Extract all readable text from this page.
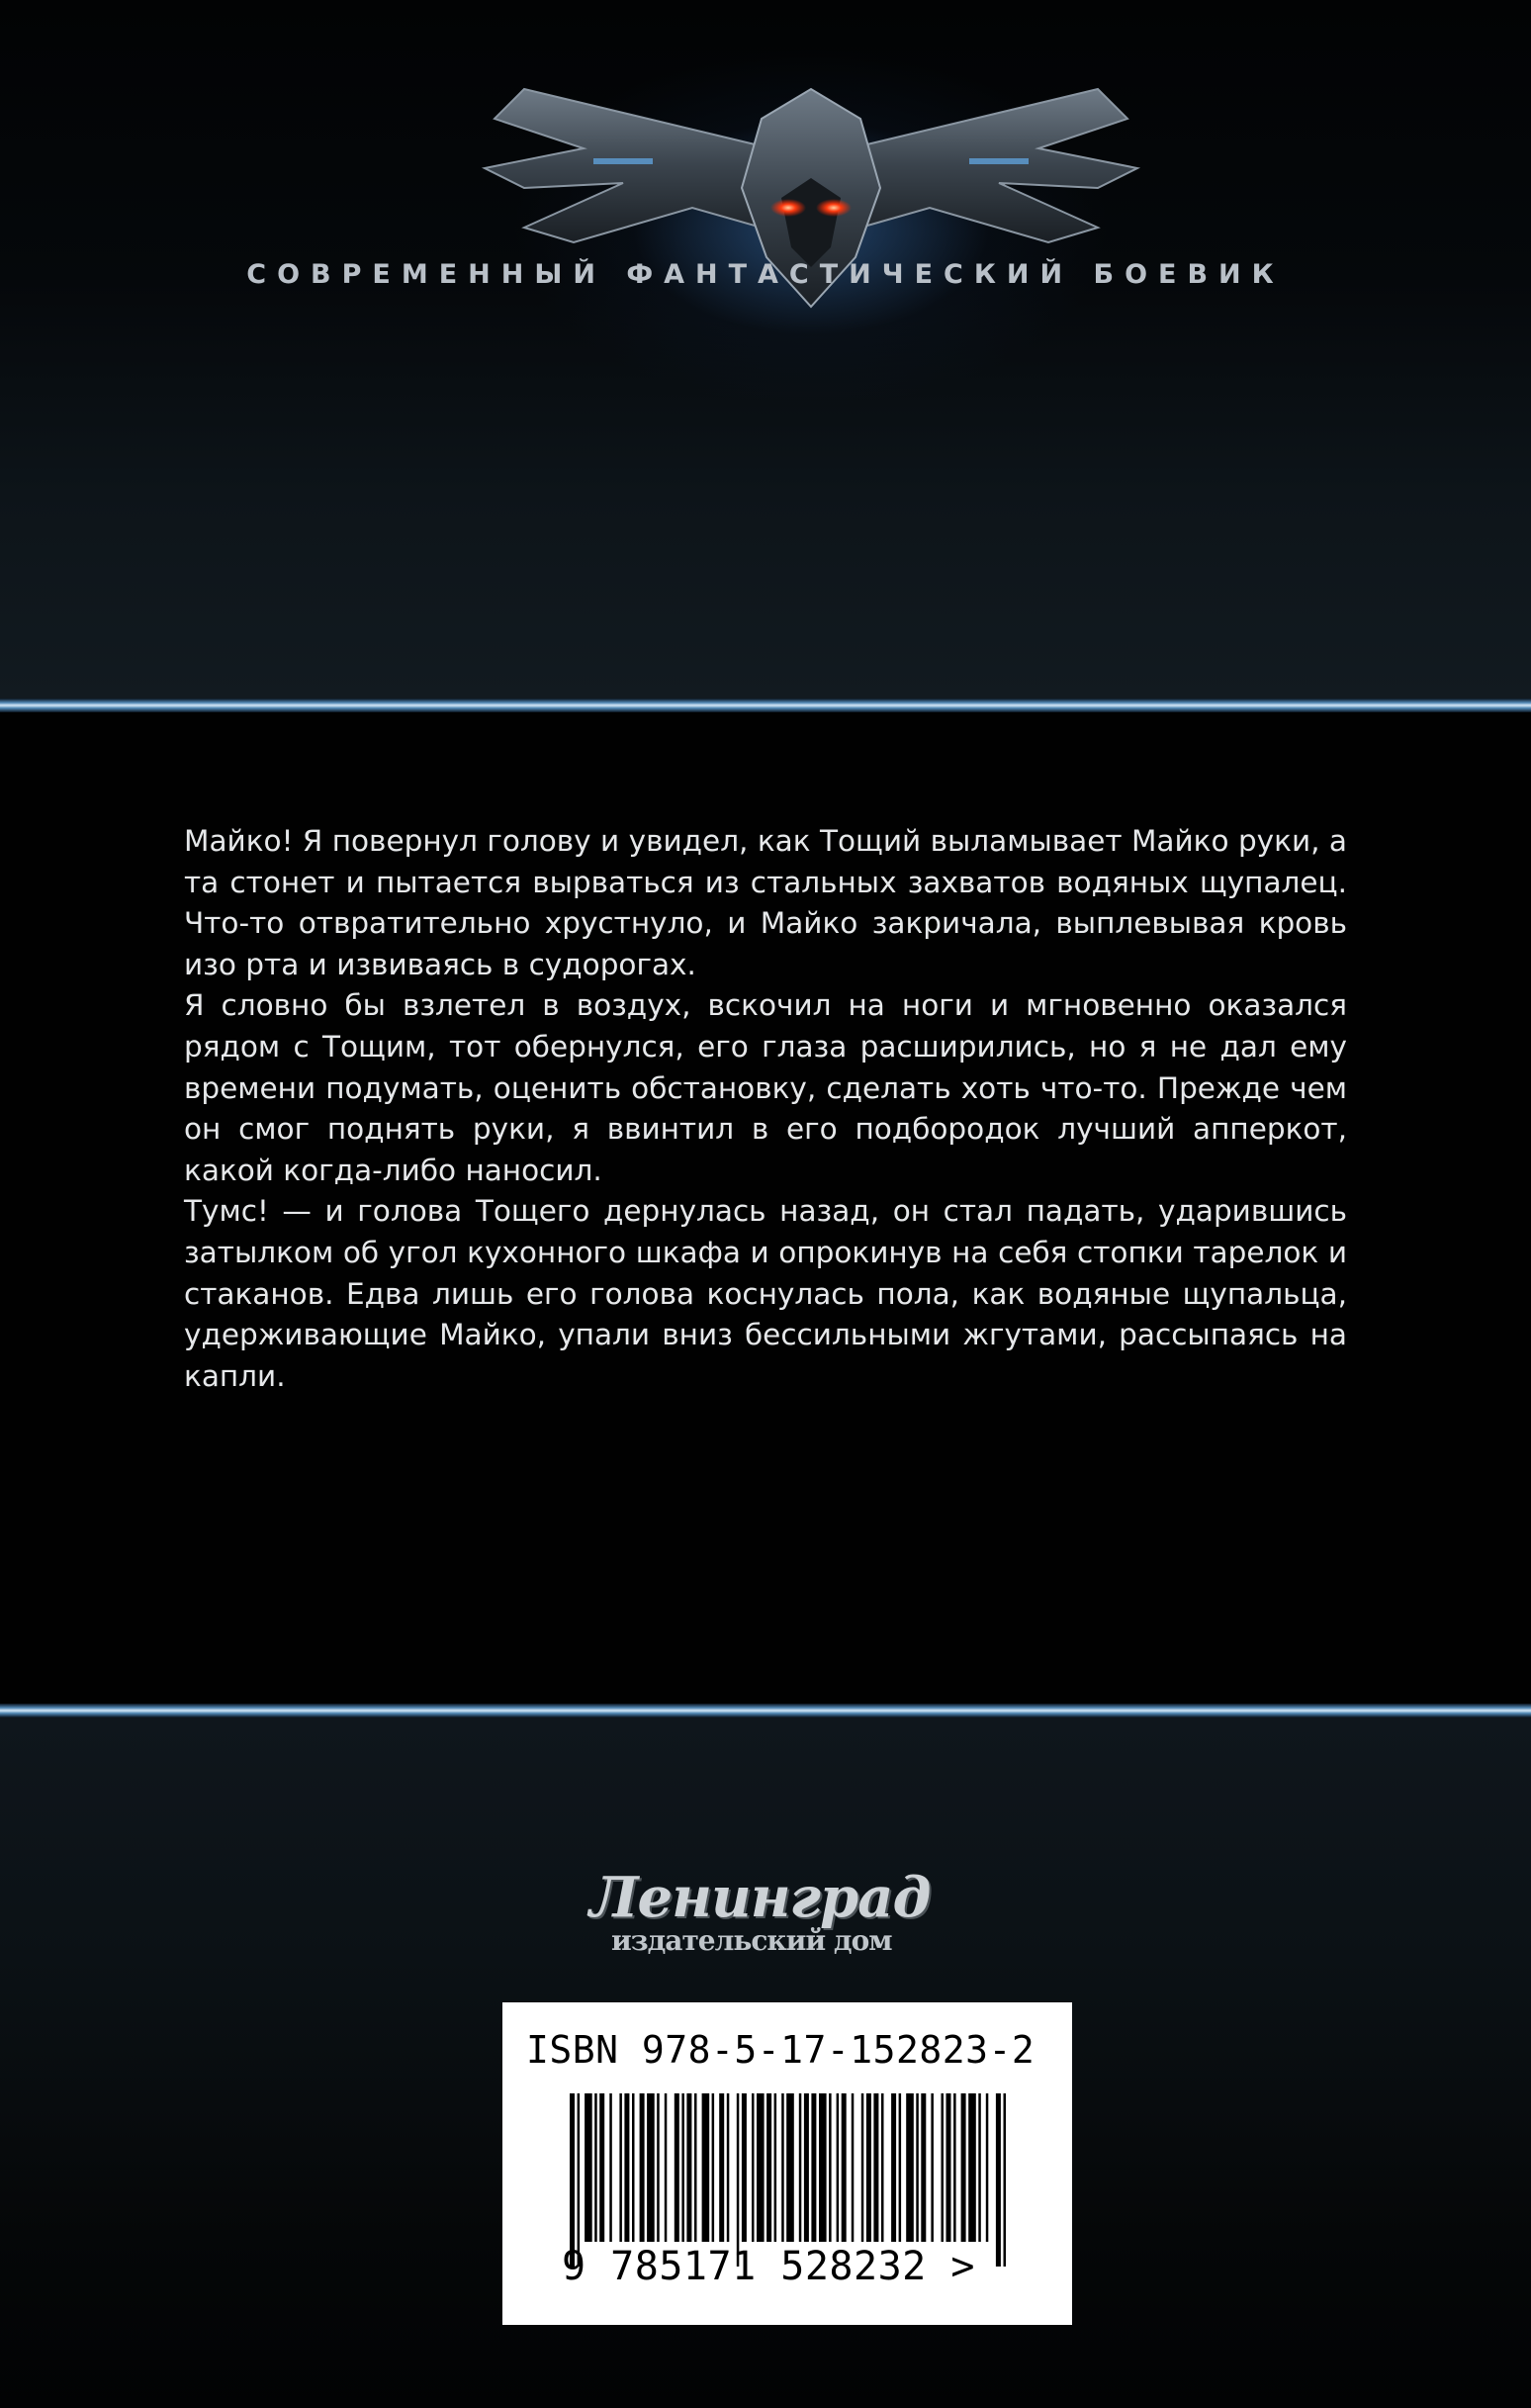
СОВРЕМЕННЫЙ ФАНТАСТИЧЕСКИЙ БОЕВИК

Майко! Я повернул голову и увидел, как Тощий выламывает Майко руки, а та стонет и пытается вырваться из стальных захватов водяных щупалец. Что-то отвратительно хрустнуло, и Майко закричала, выплевывая кровь изо рта и извиваясь в судорогах.

Я словно бы взлетел в воздух, вскочил на ноги и мгновенно оказался рядом с Тощим, тот обернулся, его глаза расширились, но я не дал ему времени подумать, оценить обстановку, сделать хоть что-то. Прежде чем он смог поднять руки, я ввинтил в его подбородок лучший апперкот, какой когда-либо наносил.

Тумс! — и голова Тощего дернулась назад, он стал падать, ударившись затылком об угол кухонного шкафа и опрокинув на себя стопки тарелок и стаканов. Едва лишь его голова коснулась пола, как водяные щупальца, удерживающие Майко, упали вниз бессильными жгутами, рассыпаясь на капли.

Ленинград
издательский дом
ISBN 978-5-17-152823-2
9 785171 528232 >
